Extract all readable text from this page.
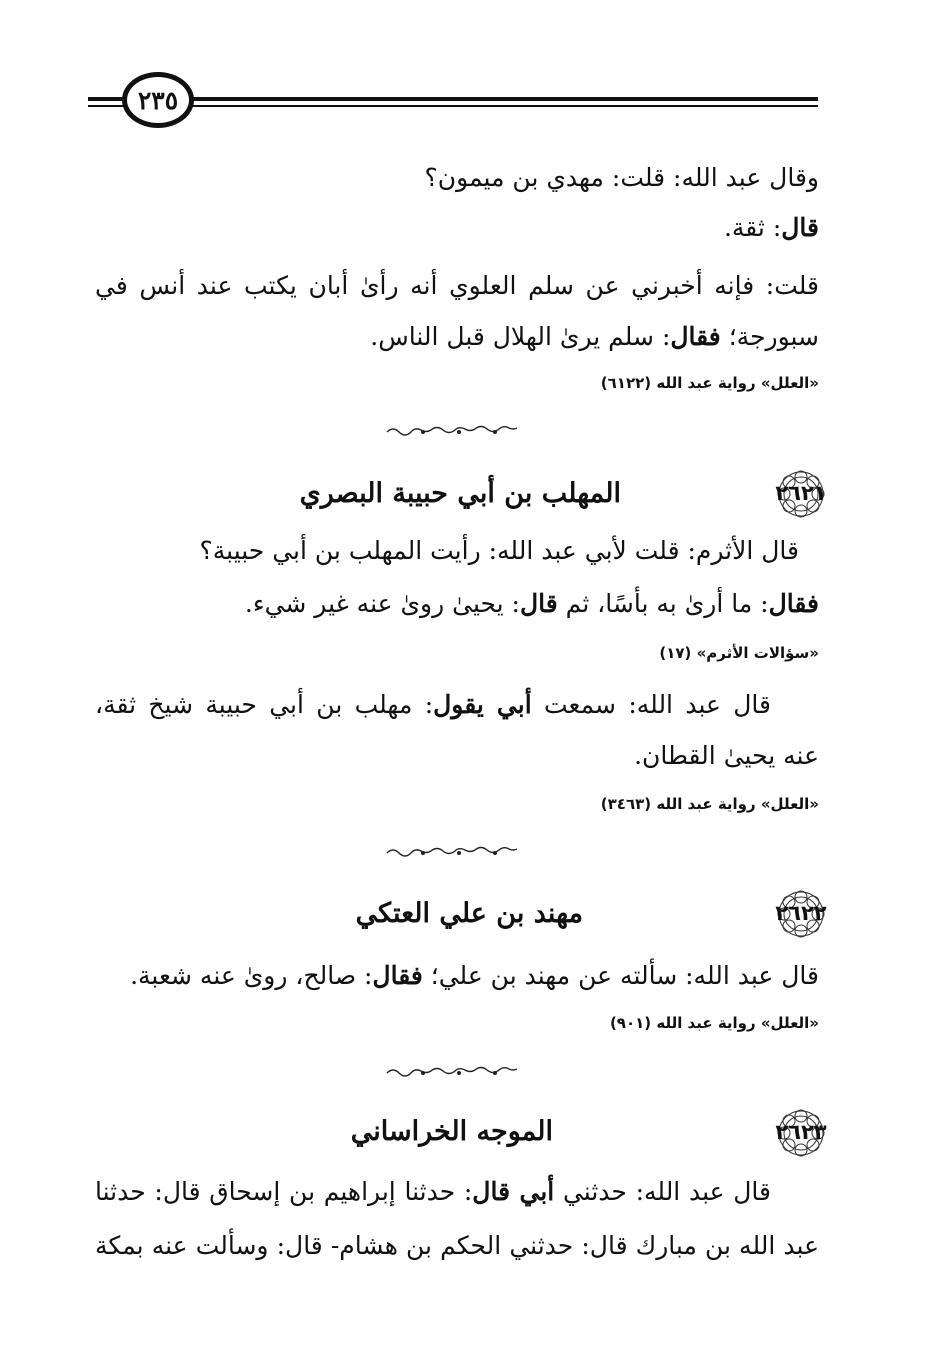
٢٣٥
وقال عبد الله: قلت: مهدي بن ميمون؟
قال: ثقة.
قلت: فإنه أخبرني عن سلم العلوي أنه رأىٰ أبان يكتب عند أنس في
سبورجة؛ فقال: سلم يرىٰ الهلال قبل الناس.
«العلل» رواية عبد الله (٦١٢٢)
٢٦٢١
المهلب بن أبي حبيبة البصري
قال الأثرم: قلت لأبي عبد الله: رأيت المهلب بن أبي حبيبة؟
فقال: ما أرىٰ به بأسًا، ثم قال: يحيىٰ روىٰ عنه غير شيء.
«سؤالات الأثرم» (١٧)
قال عبد الله: سمعت أبي يقول: مهلب بن أبي حبيبة شيخ ثقة،
عنه يحيىٰ القطان.
«العلل» رواية عبد الله (٣٤٦٣)
٢٦٢٢
مهند بن علي العتكي
قال عبد الله: سألته عن مهند بن علي؛ فقال: صالح، روىٰ عنه شعبة.
«العلل» رواية عبد الله (٩٠١)
٢٦٢٣
الموجه الخراساني
قال عبد الله: حدثني أبي قال: حدثنا إبراهيم بن إسحاق قال: حدثنا
عبد الله بن مبارك قال: حدثني الحكم بن هشام- قال: وسألت عنه بمكة
